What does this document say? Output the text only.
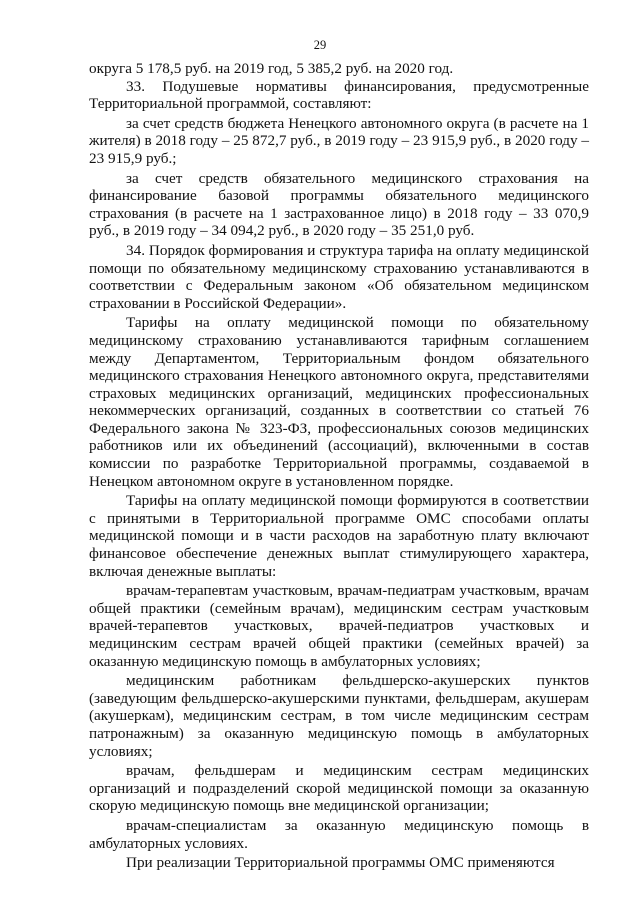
29

округа 5 178,5 руб. на 2019 год, 5 385,2 руб. на 2020 год.

33. Подушевые нормативы финансирования, предусмотренные Территориальной программой, составляют:

за счет средств бюджета Ненецкого автономного округа (в расчете на 1 жителя) в 2018 году – 25 872,7 руб., в 2019 году – 23 915,9 руб., в 2020 году – 23 915,9 руб.;

за счет средств обязательного медицинского страхования на финансирование базовой программы обязательного медицинского страхования (в расчете на 1 застрахованное лицо) в 2018 году – 33 070,9 руб., в 2019 году – 34 094,2 руб., в 2020 году – 35 251,0 руб.

34. Порядок формирования и структура тарифа на оплату медицинской помощи по обязательному медицинскому страхованию устанавливаются в соответствии с Федеральным законом «Об обязательном медицинском страховании в Российской Федерации».

Тарифы на оплату медицинской помощи по обязательному медицинскому страхованию устанавливаются тарифным соглашением между Департаментом, Территориальным фондом обязательного медицинского страхования Ненецкого автономного округа, представителями страховых медицинских организаций, медицинских профессиональных некоммерческих организаций, созданных в соответствии со статьей 76 Федерального закона № 323-ФЗ, профессиональных союзов медицинских работников или их объединений (ассоциаций), включенными в состав комиссии по разработке Территориальной программы, создаваемой в Ненецком автономном округе в установленном порядке.

Тарифы на оплату медицинской помощи формируются в соответствии с принятыми в Территориальной программе ОМС способами оплаты медицинской помощи и в части расходов на заработную плату включают финансовое обеспечение денежных выплат стимулирующего характера, включая денежные выплаты:

врачам-терапевтам участковым, врачам-педиатрам участковым, врачам общей практики (семейным врачам), медицинским сестрам участковым врачей-терапевтов участковых, врачей-педиатров участковых и медицинским сестрам врачей общей практики (семейных врачей) за оказанную медицинскую помощь в амбулаторных условиях;

медицинским работникам фельдшерско-акушерских пунктов (заведующим фельдшерско-акушерскими пунктами, фельдшерам, акушерам (акушеркам), медицинским сестрам, в том числе медицинским сестрам патронажным) за оказанную медицинскую помощь в амбулаторных условиях;

врачам, фельдшерам и медицинским сестрам медицинских организаций и подразделений скорой медицинской помощи за оказанную скорую медицинскую помощь вне медицинской организации;

врачам-специалистам за оказанную медицинскую помощь в амбулаторных условиях.

При реализации Территориальной программы ОМС применяются
